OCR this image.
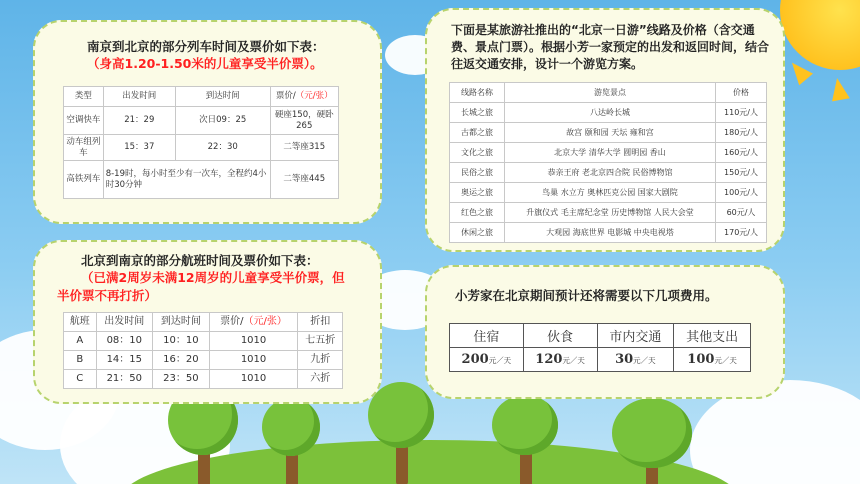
南京到北京的部分列车时间及票价如下表：
（身高1.20-1.50米的儿童享受半价票）。
类型	出发时间	到达时间	票价/（元/张）
空调快车	21：29	次日09：25	硬座150，硬卧265
动车组列车	15：37	22：30	二等座315
高铁列车	8-19时，每小时至少有一次车，全程约4小时30分钟		二等座445
北京到南京的部分航班时间及票价如下表：
（已满2周岁未满12周岁的儿童享受半价票，但半价票不再打折）
航班	出发时间	到达时间	票价/（元/张）	折扣
A	08：10	10：10	1010	七五折
B	14：15	16：20	1010	九折
C	21：50	23：50	1010	六折
下面是某旅游社推出的“北京一日游”线路及价格（含交通费、景点门票）。根据小芳一家预定的出发和返回时间，结合往返交通安排，设计一个游览方案。
线路名称	游览景点	价格
长城之旅	八达岭长城	110元/人
古都之旅	故宫 颐和园 天坛 雍和宫	180元/人
文化之旅	北京大学 清华大学 圆明园 香山	160元/人
民俗之旅	恭亲王府 老北京四合院 民俗博物馆	150元/人
奥运之旅	鸟巢 水立方 奥林匹克公园 国家大剧院	100元/人
红色之旅	升旗仪式 毛主席纪念堂 历史博物馆 人民大会堂	60元/人
休闲之旅	大观园 海底世界 电影城 中央电视塔	170元/人
小芳家在北京期间预计还将需要以下几项费用。
住宿	伙食	市内交通	其他支出
200元／天	120元／天	30元／天	100元／天
